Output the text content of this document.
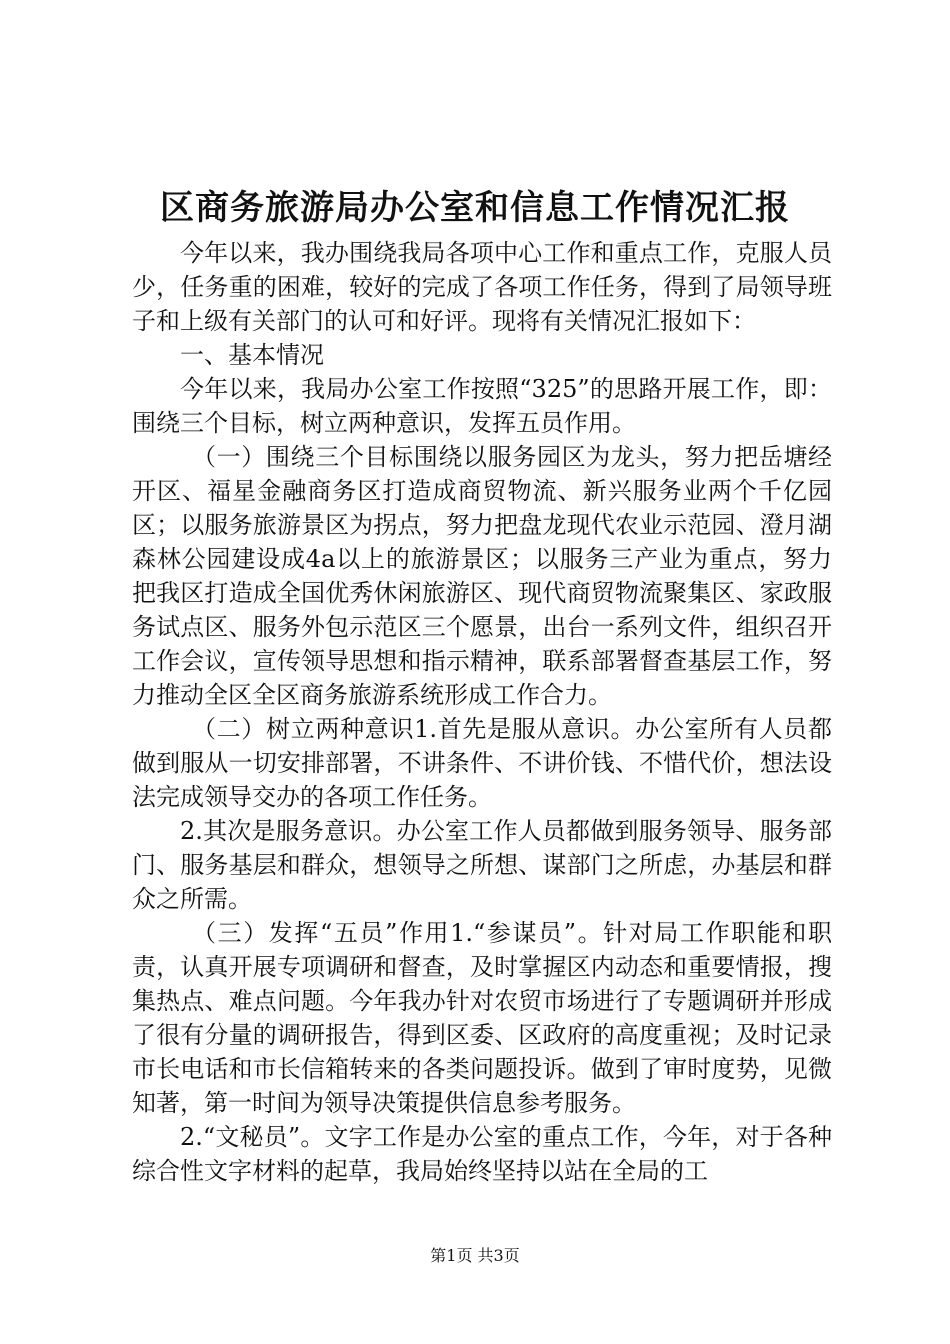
区商务旅游局办公室和信息工作情况汇报

今年以来，我办围绕我局各项中心工作和重点工作，克服人员少，任务重的困难，较好的完成了各项工作任务，得到了局领导班子和上级有关部门的认可和好评。现将有关情况汇报如下：

一、基本情况

今年以来，我局办公室工作按照“325”的思路开展工作，即：围绕三个目标，树立两种意识，发挥五员作用。

（一）围绕三个目标围绕以服务园区为龙头，努力把岳塘经开区、福星金融商务区打造成商贸物流、新兴服务业两个千亿园区；以服务旅游景区为拐点，努力把盘龙现代农业示范园、澄月湖森林公园建设成4a以上的旅游景区；以服务三产业为重点，努力把我区打造成全国优秀休闲旅游区、现代商贸物流聚集区、家政服务试点区、服务外包示范区三个愿景，出台一系列文件，组织召开工作会议，宣传领导思想和指示精神，联系部署督查基层工作，努力推动全区全区商务旅游系统形成工作合力。

（二）树立两种意识1.首先是服从意识。办公室所有人员都做到服从一切安排部署，不讲条件、不讲价钱、不惜代价，想法设法完成领导交办的各项工作任务。

2.其次是服务意识。办公室工作人员都做到服务领导、服务部门、服务基层和群众，想领导之所想、谋部门之所虑，办基层和群众之所需。

（三）发挥“五员”作用1.“参谋员”。针对局工作职能和职责，认真开展专项调研和督查，及时掌握区内动态和重要情报，搜集热点、难点问题。今年我办针对农贸市场进行了专题调研并形成了很有分量的调研报告，得到区委、区政府的高度重视；及时记录市长电话和市长信箱转来的各类问题投诉。做到了审时度势，见微知著，第一时间为领导决策提供信息参考服务。

2.“文秘员”。文字工作是办公室的重点工作，今年，对于各种综合性文字材料的起草，我局始终坚持以站在全局的工

第1页 共3页
